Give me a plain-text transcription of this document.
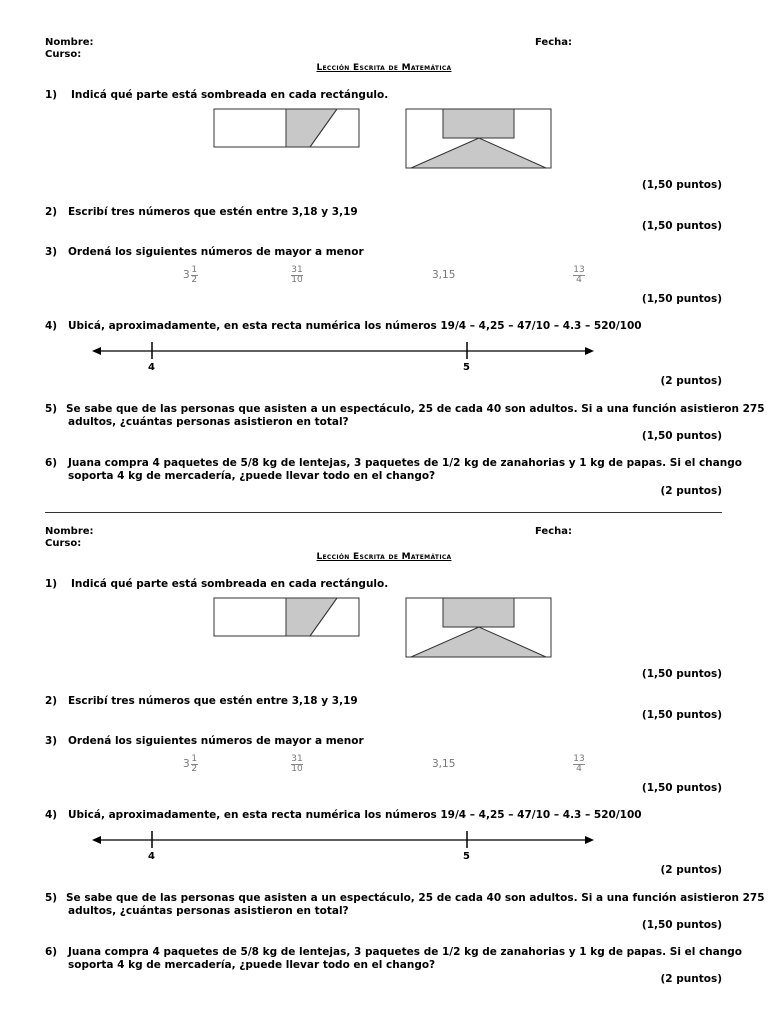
Nombre:
Curso:
Fecha:
Lección Escrita de Matemática
1) Indicá qué parte está sombreada en cada rectángulo.
(1,50 puntos)
2) Escribí tres números que estén entre 3,18 y 3,19
(1,50 puntos)
3) Ordená los siguientes números de mayor a menor
$3 \frac{1}{2}$	31
10	3,15	13
4
(1,50 puntos)
4) Ubicá, aproximadamente, en esta recta numérica los números 19/4 – 4,25 – 47/10 – 4.3 – 520/100
4	5
(2 puntos)
5) Se sabe que de las personas que asisten a un espectáculo, 25 de cada 40 son adultos. Si a una función asistieron 275
adultos, ¿cuántas personas asistieron en total?
(1,50 puntos)
6) Juana compra 4 paquetes de 5/8 kg de lentejas, 3 paquetes de 1/2 kg de zanahorias y 1 kg de papas. Si el chango
soporta 4 kg de mercadería, ¿puede llevar todo en el chango?
(2 puntos)
Nombre:
Curso:
Fecha:
Lección Escrita de Matemática
1) Indicá qué parte está sombreada en cada rectángulo.
(1,50 puntos)
2) Escribí tres números que estén entre 3,18 y 3,19
(1,50 puntos)
3) Ordená los siguientes números de mayor a menor
$3 \frac{1}{2}$	31
10	3,15	13
4
(1,50 puntos)
4) Ubicá, aproximadamente, en esta recta numérica los números 19/4 – 4,25 – 47/10 – 4.3 – 520/100
4	5
(2 puntos)
5) Se sabe que de las personas que asisten a un espectáculo, 25 de cada 40 son adultos. Si a una función asistieron 275
adultos, ¿cuántas personas asistieron en total?
(1,50 puntos)
6) Juana compra 4 paquetes de 5/8 kg de lentejas, 3 paquetes de 1/2 kg de zanahorias y 1 kg de papas. Si el chango
soporta 4 kg de mercadería, ¿puede llevar todo en el chango?
(2 puntos)
